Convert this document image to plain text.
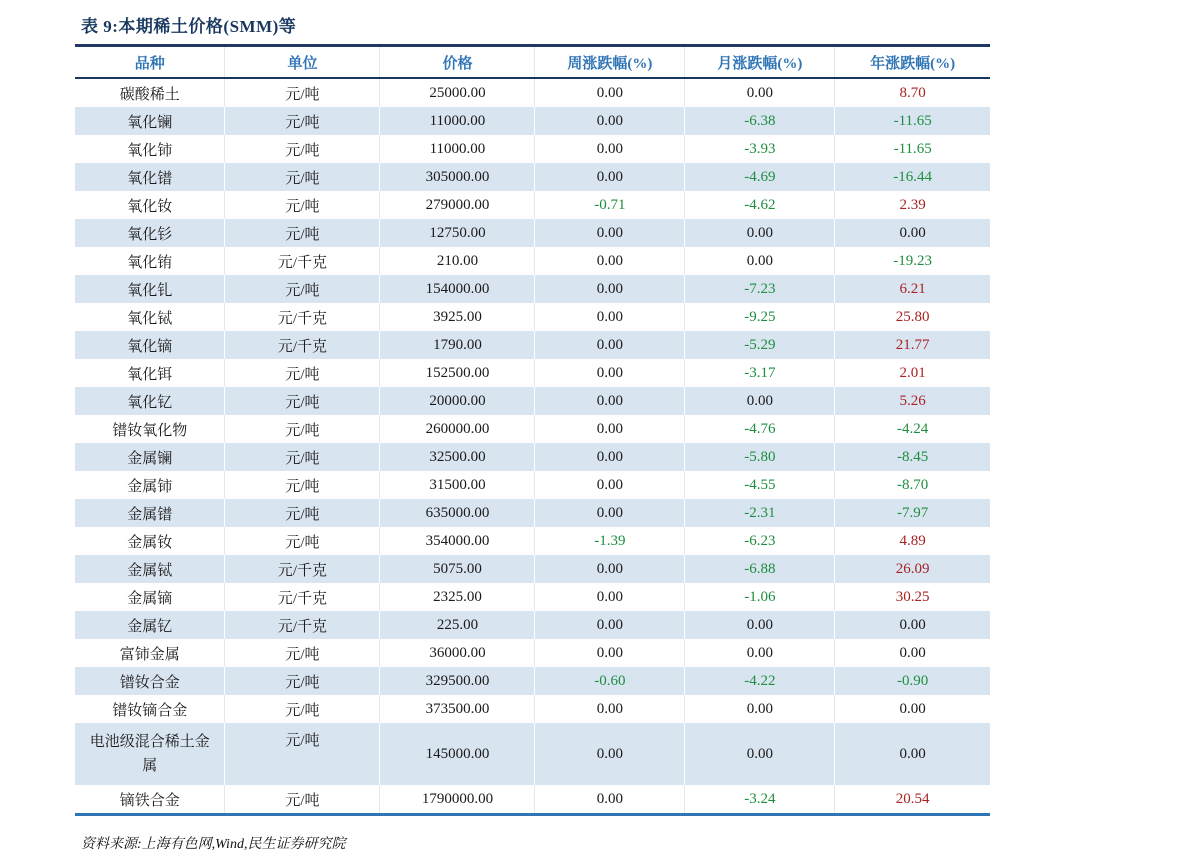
表 9:本期稀土价格(SMM)等
品种	单位	价格	周涨跌幅(%)	月涨跌幅(%)	年涨跌幅(%)
碳酸稀土	元/吨	25000.00	0.00	0.00	8.70
氧化镧	元/吨	11000.00	0.00	-6.38	-11.65
氧化铈	元/吨	11000.00	0.00	-3.93	-11.65
氧化镨	元/吨	305000.00	0.00	-4.69	-16.44
氧化钕	元/吨	279000.00	-0.71	-4.62	2.39
氧化钐	元/吨	12750.00	0.00	0.00	0.00
氧化铕	元/千克	210.00	0.00	0.00	-19.23
氧化钆	元/吨	154000.00	0.00	-7.23	6.21
氧化铽	元/千克	3925.00	0.00	-9.25	25.80
氧化镝	元/千克	1790.00	0.00	-5.29	21.77
氧化铒	元/吨	152500.00	0.00	-3.17	2.01
氧化钇	元/吨	20000.00	0.00	0.00	5.26
镨钕氧化物	元/吨	260000.00	0.00	-4.76	-4.24
金属镧	元/吨	32500.00	0.00	-5.80	-8.45
金属铈	元/吨	31500.00	0.00	-4.55	-8.70
金属镨	元/吨	635000.00	0.00	-2.31	-7.97
金属钕	元/吨	354000.00	-1.39	-6.23	4.89
金属铽	元/千克	5075.00	0.00	-6.88	26.09
金属镝	元/千克	2325.00	0.00	-1.06	30.25
金属钇	元/千克	225.00	0.00	0.00	0.00
富铈金属	元/吨	36000.00	0.00	0.00	0.00
镨钕合金	元/吨	329500.00	-0.60	-4.22	-0.90
镨钕镝合金	元/吨	373500.00	0.00	0.00	0.00
电池级混合稀土金属	元/吨	145000.00	0.00	0.00	0.00
镝铁合金	元/吨	1790000.00	0.00	-3.24	20.54
资料来源:上海有色网,Wind,民生证券研究院
